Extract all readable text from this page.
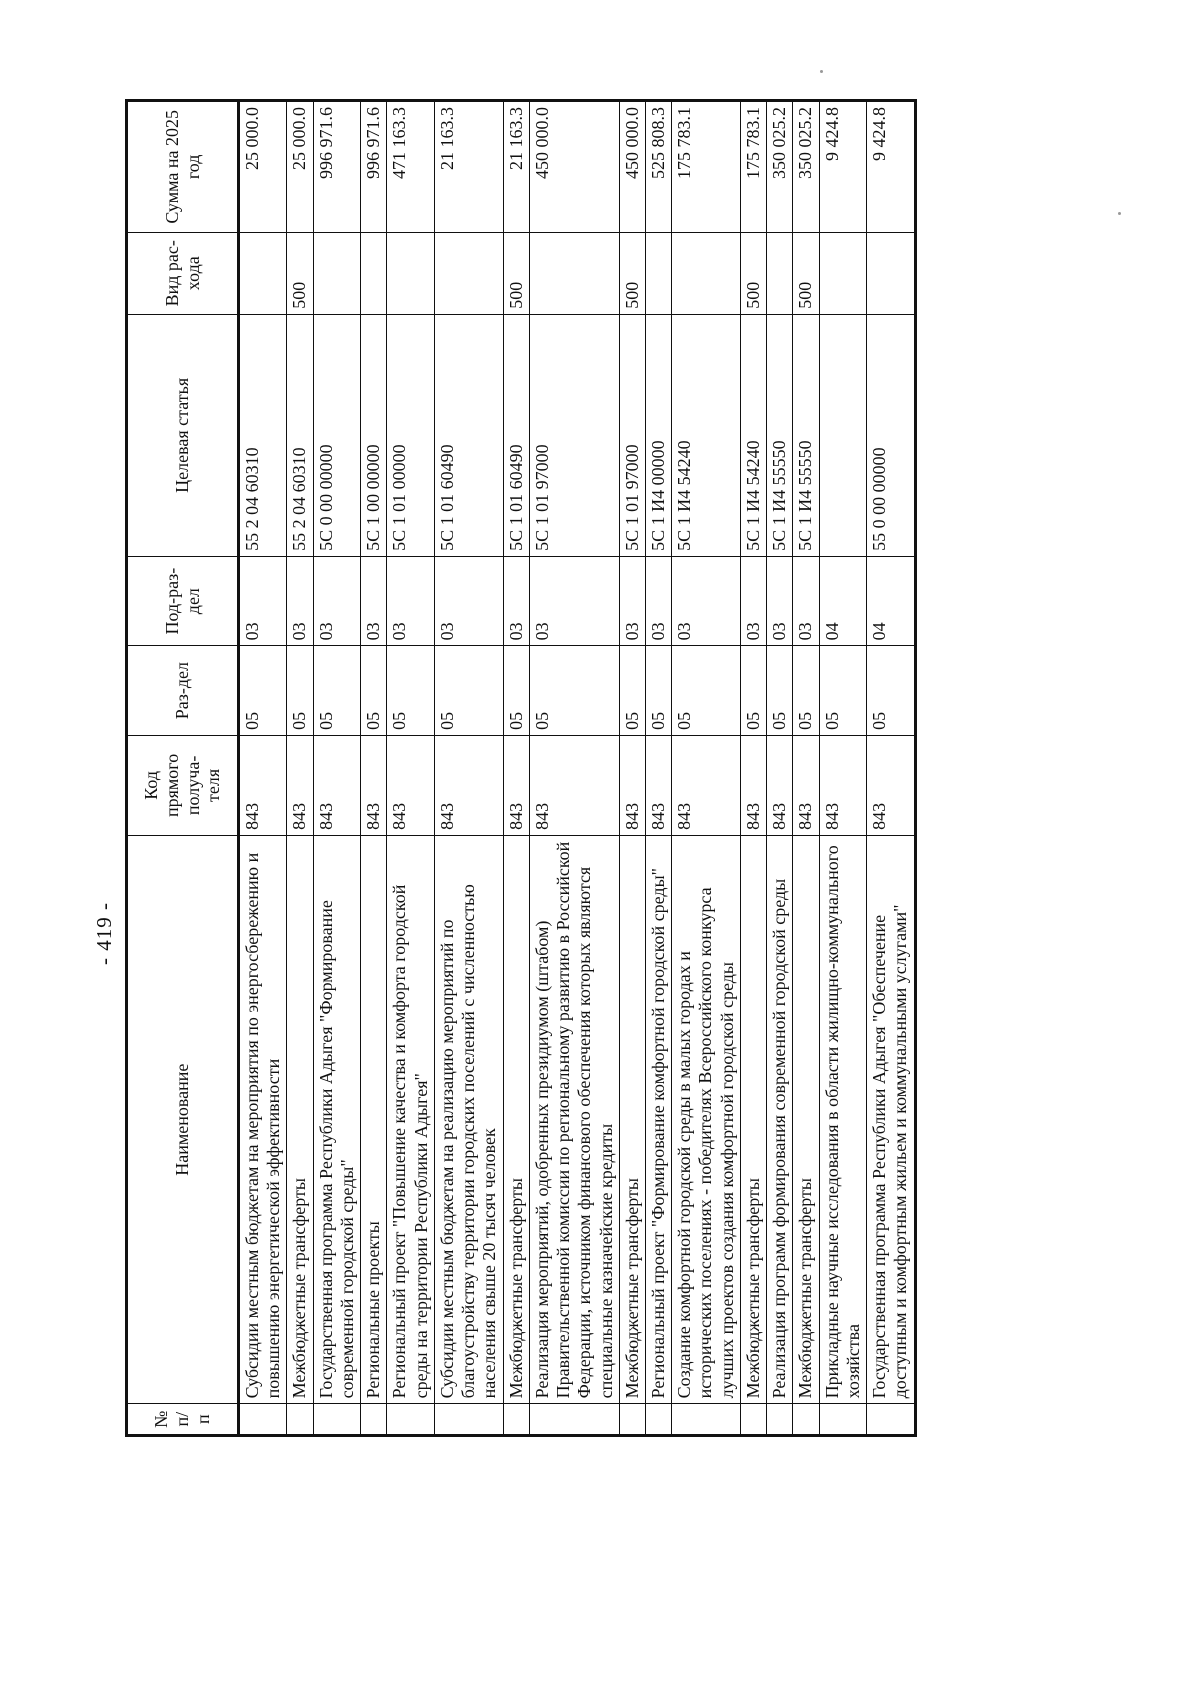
- 419 -
№ п/п	Наименование	Код прямого получа-теля	Раз-дел	Под-раз-дел	Целевая статья	Вид рас-хода	Сумма на 2025 год
	Субсидии местным бюджетам на мероприятия по энергосбережению и повышению энергетической эффективности	843	05	03	55 2 04 60310		25 000.0
	Межбюджетные трансферты	843	05	03	55 2 04 60310	500	25 000.0
	Государственная программа Республики Адыгея "Формирование современной городской среды"	843	05	03	5С 0 00 00000		996 971.6
	Региональные проекты	843	05	03	5С 1 00 00000		996 971.6
	Региональный проект "Повышение качества и комфорта городской среды на территории Республики Адыгея"	843	05	03	5С 1 01 00000		471 163.3
	Субсидии местным бюджетам на реализацию мероприятий по благоустройству территории городских поселений с численностью населения свыше 20 тысяч человек	843	05	03	5С 1 01 60490		21 163.3
	Межбюджетные трансферты	843	05	03	5С 1 01 60490	500	21 163.3
	Реализация мероприятий, одобренных президиумом (штабом) Правительственной комиссии по региональному развитию в Российской Федерации, источником финансового обеспечения которых являются специальные казначейские кредиты	843	05	03	5С 1 01 97000		450 000.0
	Межбюджетные трансферты	843	05	03	5С 1 01 97000	500	450 000.0
	Региональный проект "Формирование комфортной городской среды"	843	05	03	5С 1 И4 00000		525 808.3
	Создание комфортной городской среды в малых городах и исторических поселениях - победителях Всероссийского конкурса лучших проектов создания комфортной городской среды	843	05	03	5С 1 И4 54240		175 783.1
	Межбюджетные трансферты	843	05	03	5С 1 И4 54240	500	175 783.1
	Реализация программ формирования современной городской среды	843	05	03	5С 1 И4 55550		350 025.2
	Межбюджетные трансферты	843	05	03	5С 1 И4 55550	500	350 025.2
	Прикладные научные исследования в области жилищно-коммунального хозяйства	843	05	04			9 424.8
	Государственная программа Республики Адыгея "Обеспечение доступным и комфортным жильем и коммунальными услугами"	843	05	04	55 0 00 00000		9 424.8
